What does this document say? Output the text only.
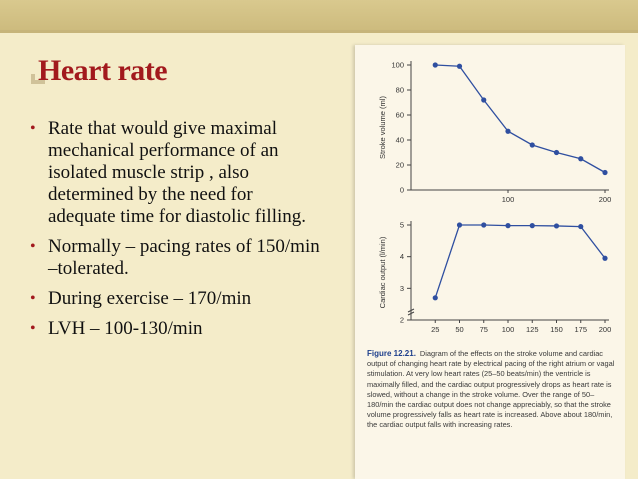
Heart rate
• Rate that would give maximal
mechanical performance of an
isolated muscle strip , also
determined by the need for
adequate time for diastolic filling.
• Normally – pacing rates of 150/min
–tolerated.
• During exercise – 170/min
• LVH – 100-130/min
0
20
40
60
80
100
100	200
Stroke volume (ml)
2
3
4
5
25 50 75 100 125 150 175 200
Cardiac output (l/min)

Figure 12.21. Diagram of the effects on the stroke volume and cardiac output of changing heart rate by electrical pacing of the right atrium or vagal stimulation. At very low heart rates (25–50 beats/min) the ventricle is maximally filled, and the cardiac output progressively drops as heart rate is slowed, without a change in the stroke volume. Over the range of 50–180/min the cardiac output does not change appreciably, so that the stroke volume progressively falls as heart rate is increased. Above about 180/min, the cardiac output falls with increasing rates.
